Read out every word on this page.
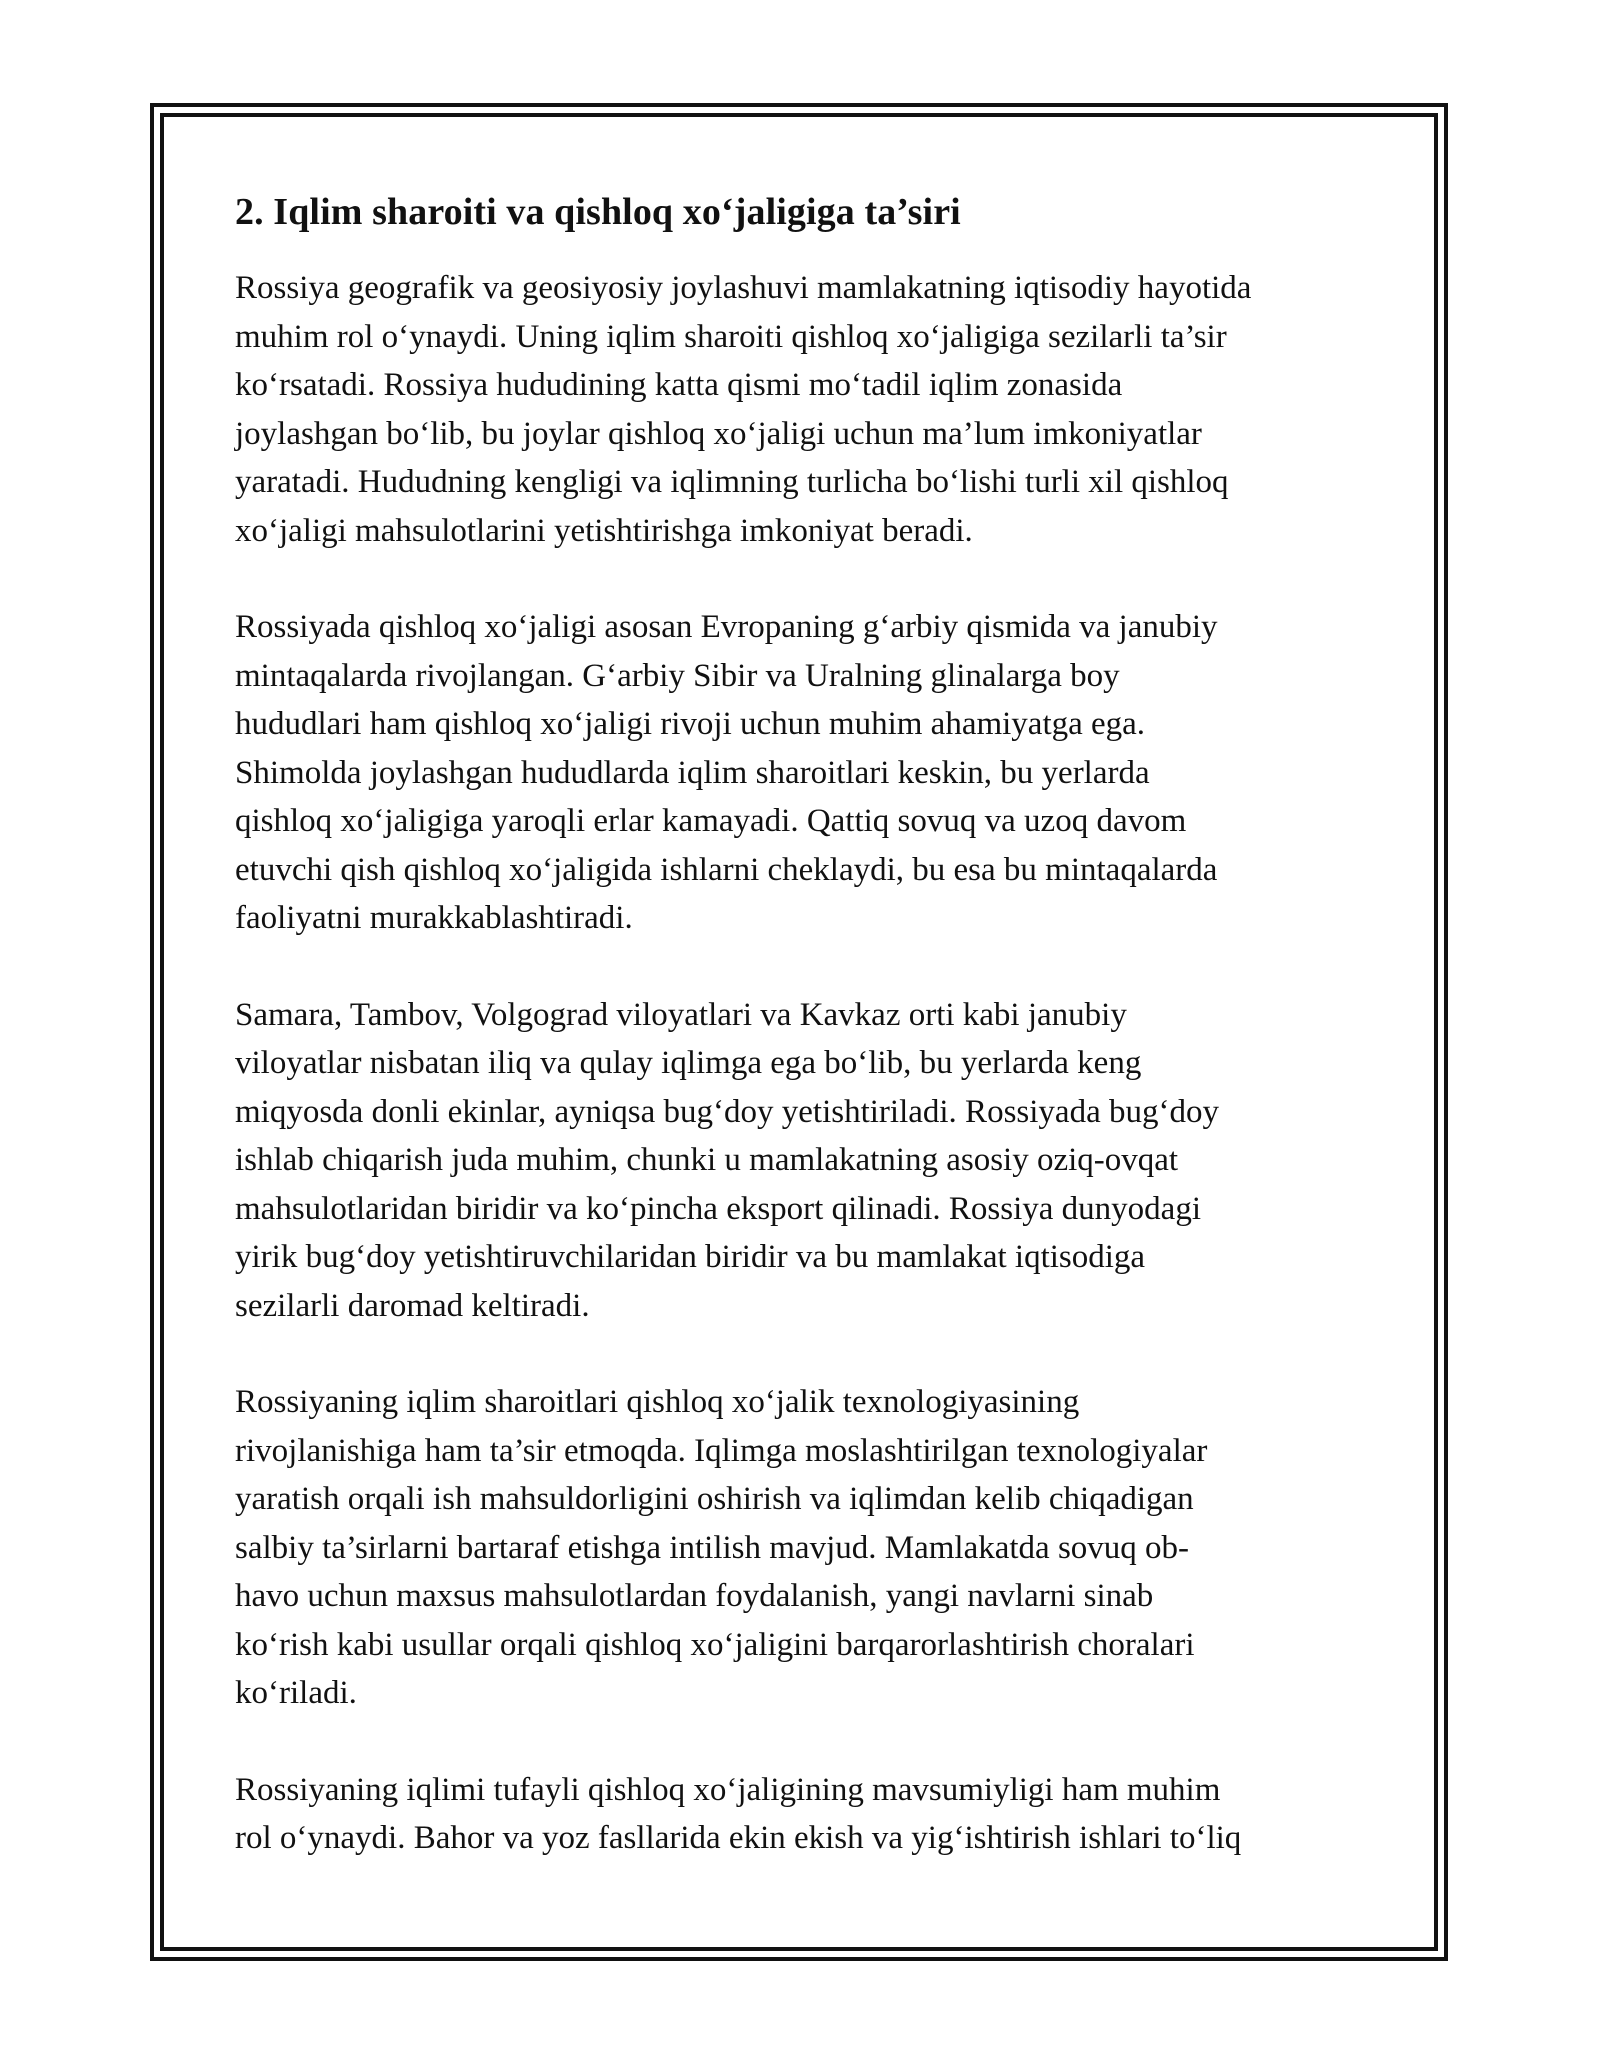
2. Iqlim sharoiti va qishloq xo‘jaligiga ta’siri

Rossiya geografik va geosiyosiy joylashuvi mamlakatning iqtisodiy hayotida
muhim rol o‘ynaydi. Uning iqlim sharoiti qishloq xo‘jaligiga sezilarli ta’sir
ko‘rsatadi. Rossiya hududining katta qismi mo‘tadil iqlim zonasida
joylashgan bo‘lib, bu joylar qishloq xo‘jaligi uchun ma’lum imkoniyatlar
yaratadi. Hududning kengligi va iqlimning turlicha bo‘lishi turli xil qishloq
xo‘jaligi mahsulotlarini yetishtirishga imkoniyat beradi.

Rossiyada qishloq xo‘jaligi asosan Evropaning g‘arbiy qismida va janubiy
mintaqalarda rivojlangan. G‘arbiy Sibir va Uralning glinalarga boy
hududlari ham qishloq xo‘jaligi rivoji uchun muhim ahamiyatga ega.
Shimolda joylashgan hududlarda iqlim sharoitlari keskin, bu yerlarda
qishloq xo‘jaligiga yaroqli erlar kamayadi. Qattiq sovuq va uzoq davom
etuvchi qish qishloq xo‘jaligida ishlarni cheklaydi, bu esa bu mintaqalarda
faoliyatni murakkablashtiradi.

Samara, Tambov, Volgograd viloyatlari va Kavkaz orti kabi janubiy
viloyatlar nisbatan iliq va qulay iqlimga ega bo‘lib, bu yerlarda keng
miqyosda donli ekinlar, ayniqsa bug‘doy yetishtiriladi. Rossiyada bug‘doy
ishlab chiqarish juda muhim, chunki u mamlakatning asosiy oziq-ovqat
mahsulotlaridan biridir va ko‘pincha eksport qilinadi. Rossiya dunyodagi
yirik bug‘doy yetishtiruvchilaridan biridir va bu mamlakat iqtisodiga
sezilarli daromad keltiradi.

Rossiyaning iqlim sharoitlari qishloq xo‘jalik texnologiyasining
rivojlanishiga ham ta’sir etmoqda. Iqlimga moslashtirilgan texnologiyalar
yaratish orqali ish mahsuldorligini oshirish va iqlimdan kelib chiqadigan
salbiy ta’sirlarni bartaraf etishga intilish mavjud. Mamlakatda sovuq ob-
havo uchun maxsus mahsulotlardan foydalanish, yangi navlarni sinab
ko‘rish kabi usullar orqali qishloq xo‘jaligini barqarorlashtirish choralari
ko‘riladi.

Rossiyaning iqlimi tufayli qishloq xo‘jaligining mavsumiyligi ham muhim
rol o‘ynaydi. Bahor va yoz fasllarida ekin ekish va yig‘ishtirish ishlari to‘liq
